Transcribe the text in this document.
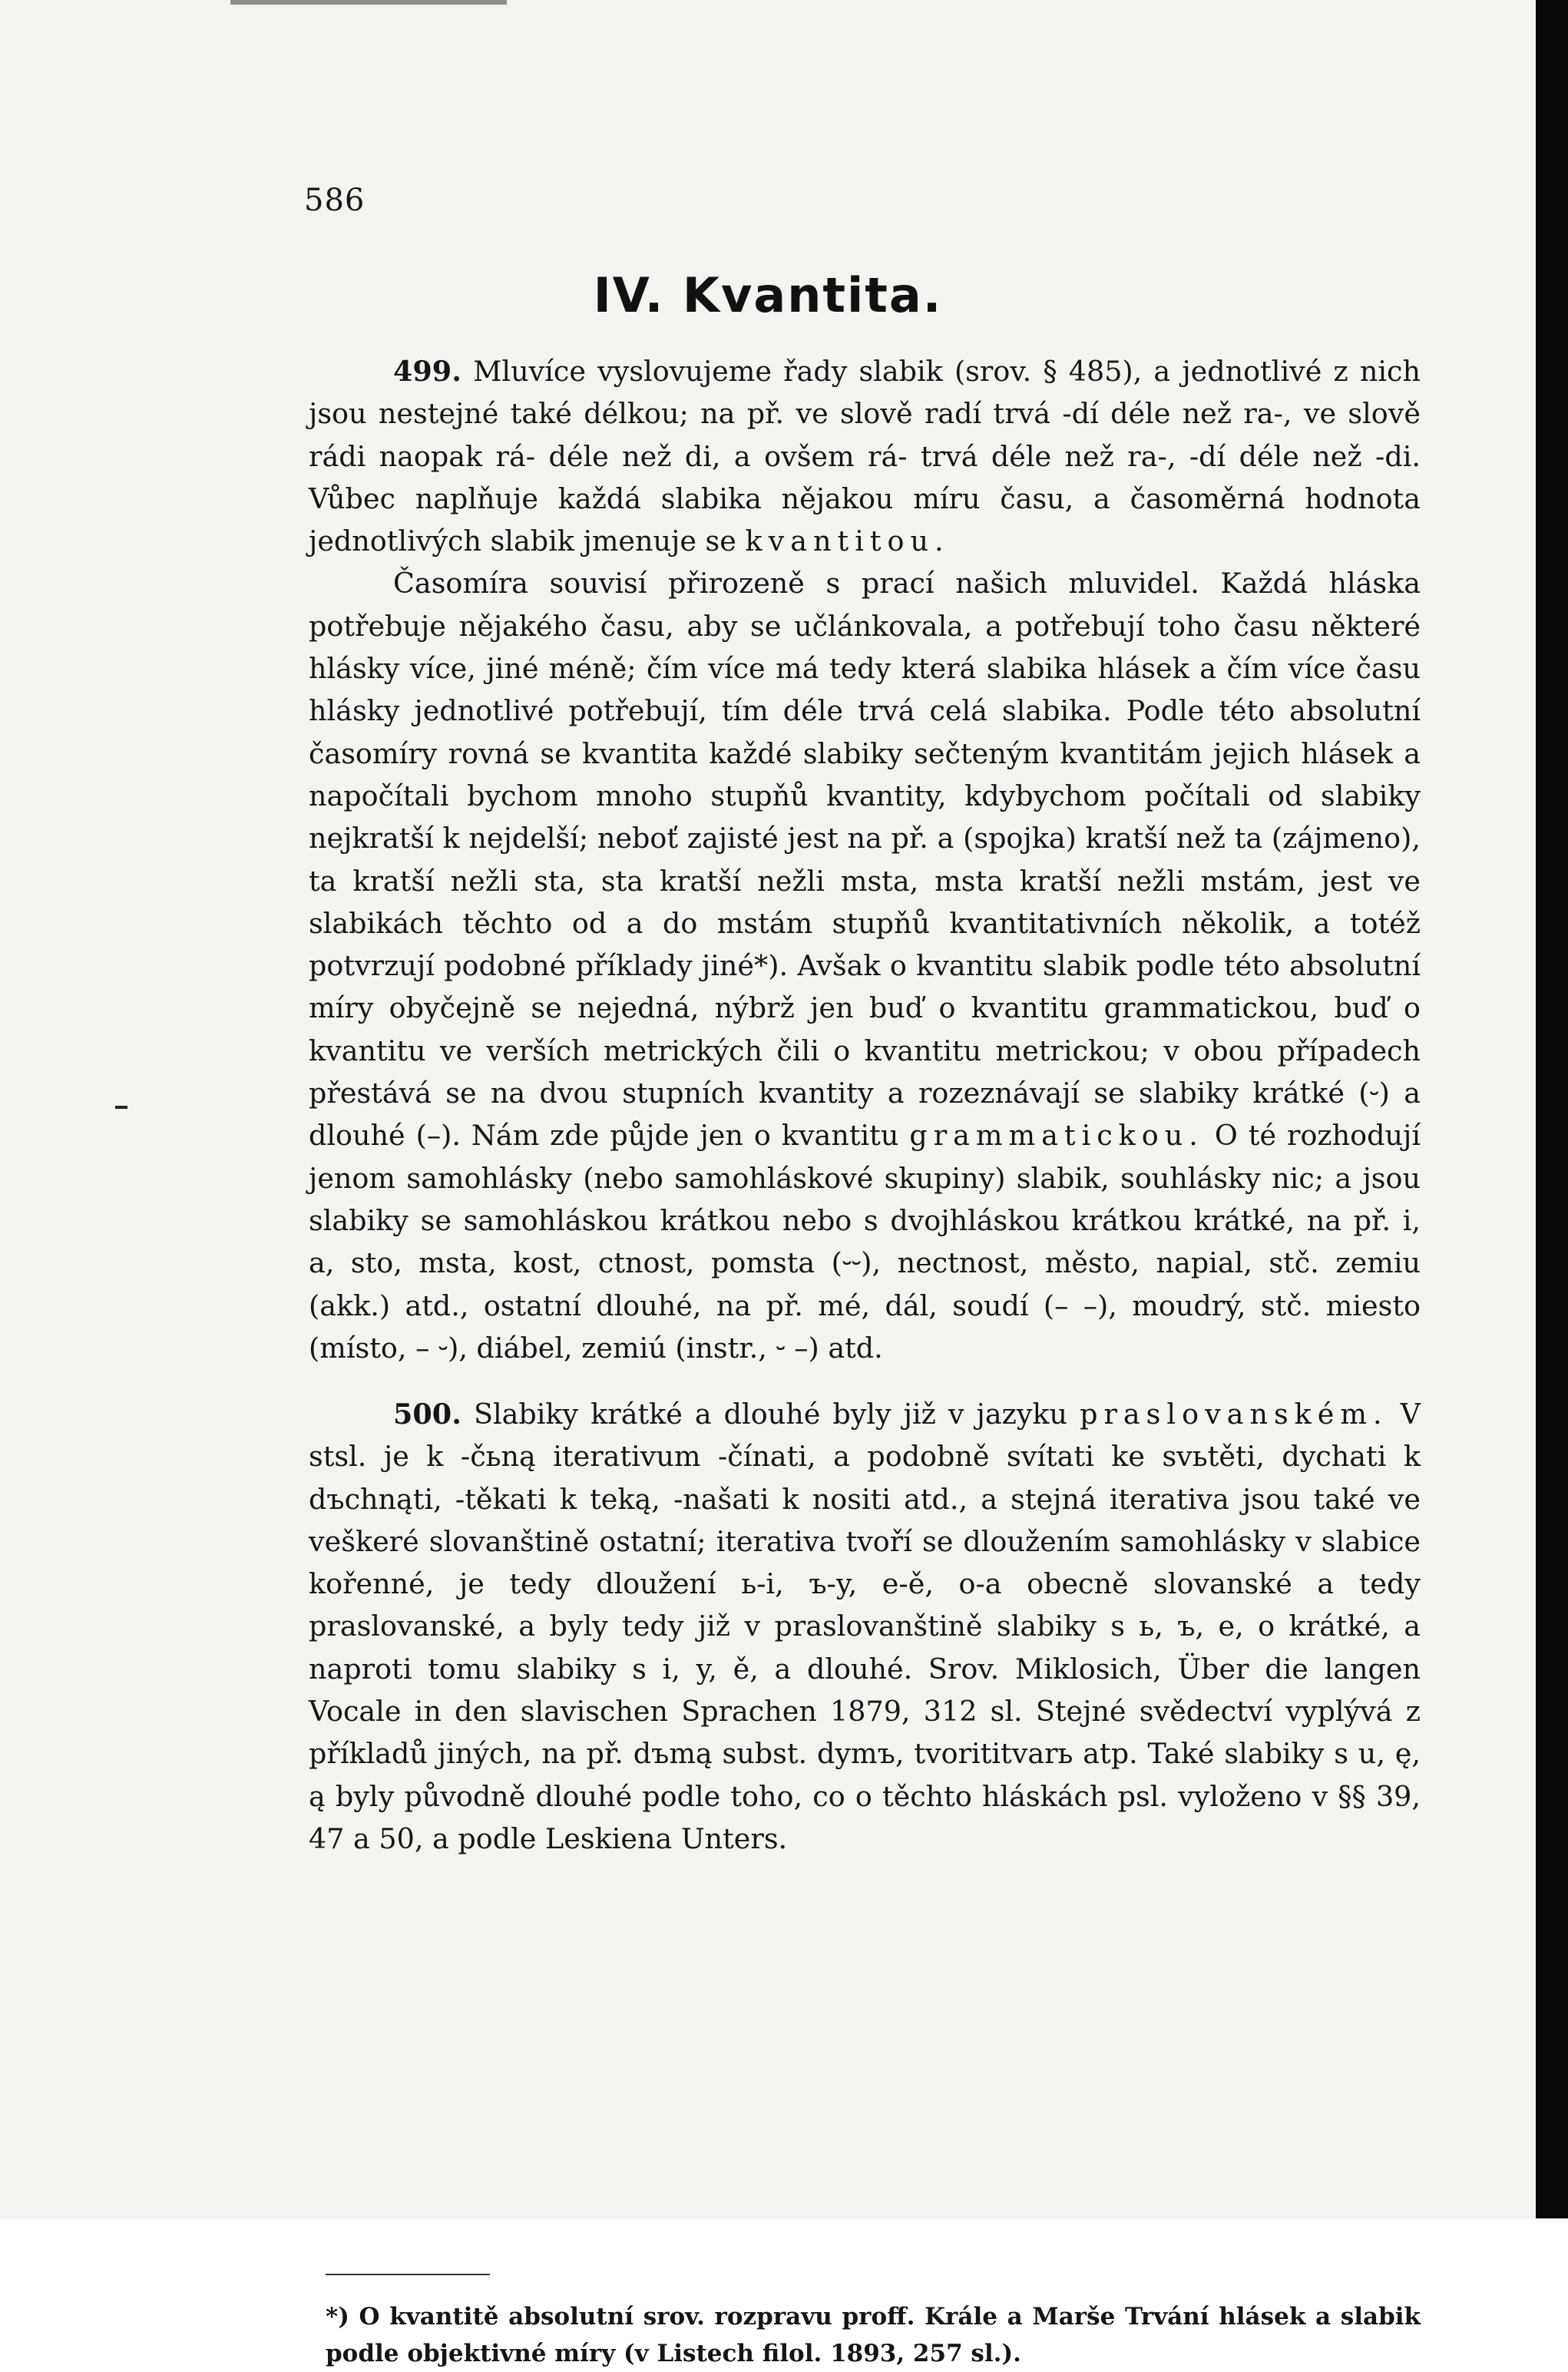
586
IV. Kvantita.

499. Mluvíce vyslovujeme řady slabik (srov. § 485), a jednotlivé z nich jsou nestejné také délkou; na př. ve slově radí trvá -dí déle než ra-, ve slově rádi naopak rá- déle než di, a ovšem rá- trvá déle než ra-, -dí déle než -di. Vůbec naplňuje každá slabika nějakou míru času, a časoměrná hodnota jednotlivých slabik jmenuje se kvantitou.

Časomíra souvisí přirozeně s prací našich mluvidel. Každá hláska potřebuje nějakého času, aby se učlánkovala, a potřebují toho času některé hlásky více, jiné méně; čím více má tedy která slabika hlásek a čím více času hlásky jednotlivé potřebují, tím déle trvá celá slabika. Podle této absolutní časomíry rovná se kvantita každé slabiky sečteným kvantitám jejich hlásek a napočítali bychom mnoho stupňů kvantity, kdybychom počítali od slabiky nejkratší k nejdelší; neboť zajisté jest na př. a (spojka) kratší než ta (zájmeno), ta kratší nežli sta, sta kratší nežli msta, msta kratší nežli mstám, jest ve slabikách těchto od a do mstám stupňů kvantitativních několik, a totéž potvrzují podobné příklady jiné*). Avšak o kvantitu slabik podle této absolutní míry obyčejně se nejedná, nýbrž jen buď o kvantitu grammatickou, buď o kvantitu ve verších metrických čili o kvantitu metrickou; v obou případech přestává se na dvou stupních kvantity a rozeznávají se slabiky krátké (⏑) a dlouhé (–). Nám zde půjde jen o kvantitu grammatickou. O té rozhodují jenom samohlásky (nebo samohláskové skupiny) slabik, souhlásky nic; a jsou slabiky se samohláskou krátkou nebo s dvojhláskou krátkou krátké, na př. i, a, sto, msta, kost, ctnost, pomsta (⏑⏑), nectnost, město, napial, stč. zemiu (akk.) atd., ostatní dlouhé, na př. mé, dál, soudí (– –), moudrý, stč. miesto (místo, – ⏑), diábel, zemiú (instr., ⏑ –) atd.

500. Slabiky krátké a dlouhé byly již v jazyku praslovanském. V stsl. je k -čьną iterativum -čínati, a podobně svítati ke svьtěti, dychati k dъchnąti, -těkati k teką, -našati k nositi atd., a stejná iterativa jsou také ve veškeré slovanštině ostatní; iterativa tvoří se dloužením samohlásky v slabice kořenné, je tedy dloužení ь-i, ъ-y, e-ě, o-a obecně slovanské a tedy praslovanské, a byly tedy již v praslovanštině slabiky s ь, ъ, e, o krátké, a naproti tomu slabiky s i, y, ě, a dlouhé. Srov. Miklosich, Über die langen Vocale in den slavischen Sprachen 1879, 312 sl. Stejné svědectví vyplývá z příkladů jiných, na př. dъmą subst. dymъ, tvorititvarь atp. Také slabiky s u, ę, ą byly původně dlouhé podle toho, co o těchto hláskách psl. vyloženo v §§ 39, 47 a 50, a podle Leskiena Unters.

*) O kvantitě absolutní srov. rozpravu proff. Krále a Marše Trvání hlásek a slabik podle objektivné míry (v Listech filol. 1893, 257 sl.).
